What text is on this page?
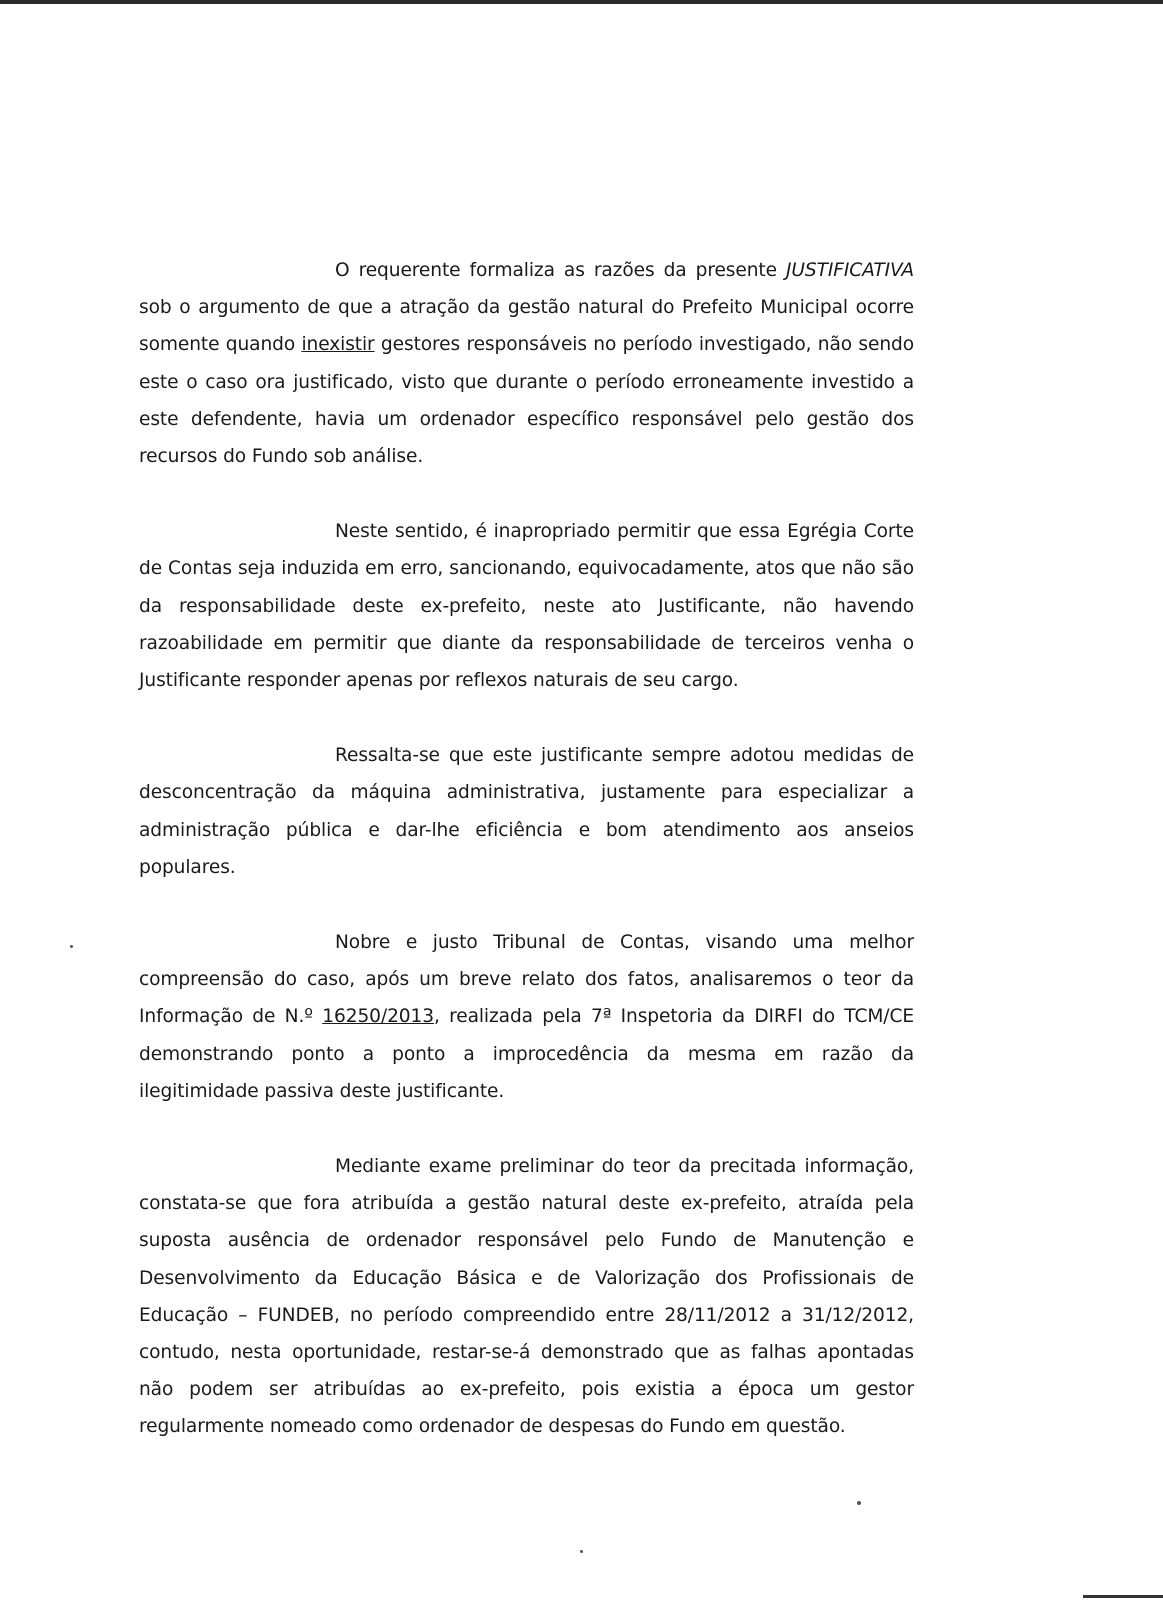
O requerente formaliza as razões da presente JUSTIFICATIVA sob o argumento de que a atração da gestão natural do Prefeito Municipal ocorre somente quando inexistir gestores responsáveis no período investigado, não sendo este o caso ora justificado, visto que durante o período erroneamente investido a este defendente, havia um ordenador específico responsável pelo gestão dos recursos do Fundo sob análise.

Neste sentido, é inapropriado permitir que essa Egrégia Corte de Contas seja induzida em erro, sancionando, equivocadamente, atos que não são da responsabilidade deste ex-prefeito, neste ato Justificante, não havendo razoabilidade em permitir que diante da responsabilidade de terceiros venha o Justificante responder apenas por reflexos naturais de seu cargo.

Ressalta-se que este justificante sempre adotou medidas de desconcentração da máquina administrativa, justamente para especializar a administração pública e dar-lhe eficiência e bom atendimento aos anseios populares.

Nobre e justo Tribunal de Contas, visando uma melhor compreensão do caso, após um breve relato dos fatos, analisaremos o teor da Informação de N.º 16250/2013, realizada pela 7ª Inspetoria da DIRFI do TCM/CE demonstrando ponto a ponto a improcedência da mesma em razão da ilegitimidade passiva deste justificante.

Mediante exame preliminar do teor da precitada informação, constata-se que fora atribuída a gestão natural deste ex-prefeito, atraída pela suposta ausência de ordenador responsável pelo Fundo de Manutenção e Desenvolvimento da Educação Básica e de Valorização dos Profissionais de Educação – FUNDEB, no período compreendido entre 28/11/2012 a 31/12/2012, contudo, nesta oportunidade, restar-se-á demonstrado que as falhas apontadas não podem ser atribuídas ao ex-prefeito, pois existia a época um gestor regularmente nomeado como ordenador de despesas do Fundo em questão.
